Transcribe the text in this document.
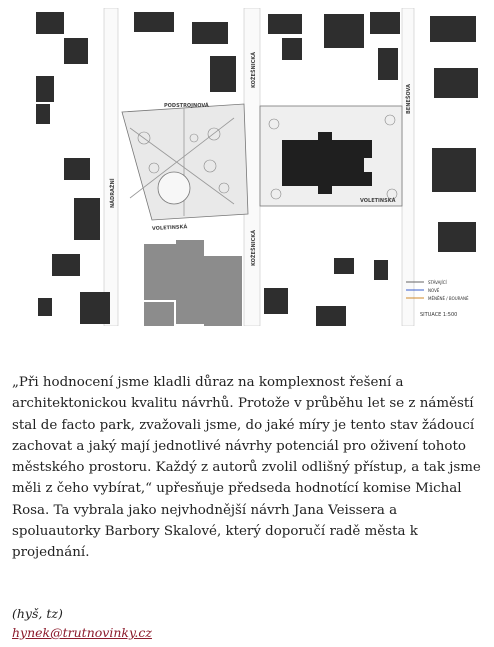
NÁDRAŽNÍ
KOŽEŠNICKÁ
BENEŠOVA
PODSTROJNOVÁ
VOLETINSKÁ
VOLETINSKÁ
KOŽEŠNICKÁ
STÁVAJÍCÍ
NOVÉ
MĚNĚNÉ / BOURANÉ
SITUACE 1:500

„Při hodnocení jsme kladli důraz na komplexnost řešení a architektonickou kvalitu návrhů. Protože v průběhu let se z náměstí stal de facto park, zvažovali jsme, do jaké míry je tento stav žádoucí zachovat a jaký mají jednotlivé návrhy potenciál pro oživení tohoto městského prostoru. Každý z autorů zvolil odlišný přístup, a tak jsme měli z čeho vybírat,“ upřesňuje předseda hodnotící komise Michal Rosa. Ta vybrala jako nejvhodnější návrh Jana Veissera a spoluautorky Barbory Skalové, který doporučí radě města k projednání.

(hyš, tz)
hynek@trutnovinky.cz
